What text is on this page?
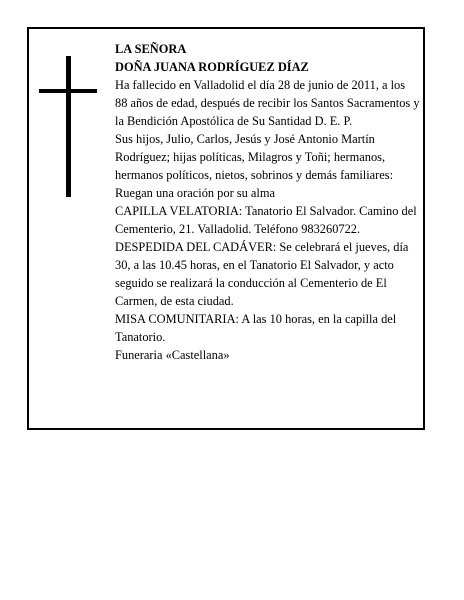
LA SEÑORA

DOÑA JUANA RODRÍGUEZ DÍAZ

Ha fallecido en Valladolid el día 28 de junio de 2011, a los 88 años de edad, después de recibir los Santos Sacramentos y la Bendición Apostólica de Su Santidad D. E. P.

Sus hijos, Julio, Carlos, Jesús y José Antonio Martín Rodríguez; hijas políticas, Milagros y Toñi; hermanos, hermanos políticos, nietos, sobrinos y demás familiares:

Ruegan una oración por su alma

CAPILLA VELATORIA: Tanatorio El Salvador. Camino del Cementerio, 21. Valladolid. Teléfono 983260722.

DESPEDIDA DEL CADÁVER: Se celebrará el jueves, día 30, a las 10.45 horas, en el Tanatorio El Salvador, y acto seguido se realizará la conducción al Cementerio de El Carmen, de esta ciudad.

MISA COMUNITARIA: A las 10 horas, en la capilla del Tanatorio.

Funeraria «Castellana»
